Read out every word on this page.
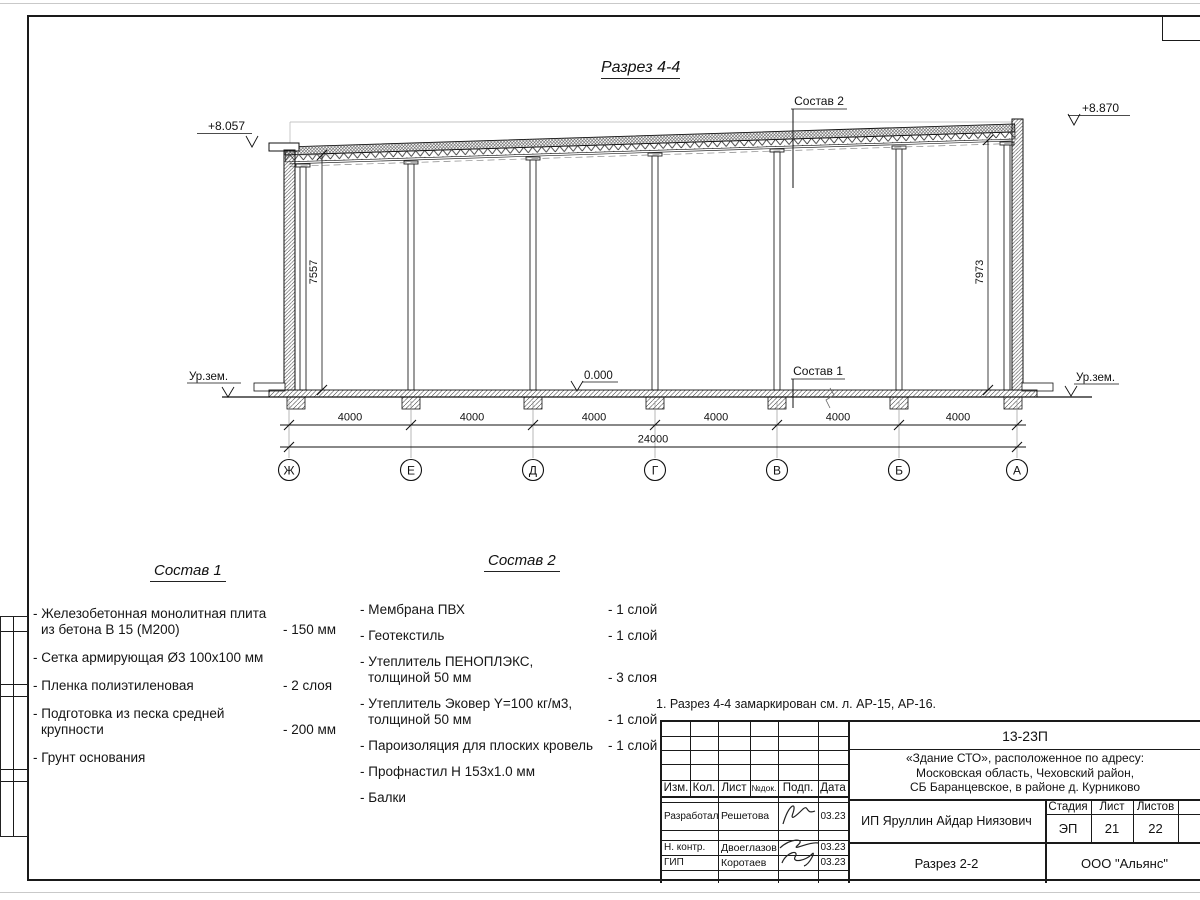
Разрез 4-4
7557	7973
4000	4000	4000	4000	4000	4000
24000
Ж	Е	Д	Г	В	Б	А
+8.057
+8.870
0.000
Ур.зем.	Ур.зем.
Состав 2
Состав 1
Состав 1
Состав 2
- Железобетонная монолитная плита
из бетона В 15 (М200)	- 150 мм
- Сетка армирующая Ø3 100х100 мм
- Пленка полиэтиленовая	- 2 слоя
- Подготовка из песка средней
крупности	- 200 мм
- Грунт основания
- Мембрана ПВХ	- 1 слой
- Геотекстиль	- 1 слой
- Утеплитель ПЕНОПЛЭКС,
толщиной 50 мм	- 3 слоя
- Утеплитель Эковер Y=100 кг/м3,
толщиной 50 мм	- 1 слой
- Пароизоляция для плоских кровель	- 1 слой
- Профнастил Н 153х1.0 мм
- Балки
1. Разрез 4-4 замаркирован см. л. АР-15, АР-16.
Изм. Кол. Лист №док. Подп. Дата
Разработал Решетова	03.23
Н. контр.	Двоеглазов	03.23
ГИП	Коротаев	03.23
13-23П
«Здание СТО», расположенное по адресу:
Московская область, Чеховский район,
СБ Баранцевское, в районе д. Курниково
ИП Яруллин Айдар Ниязович
Стадия	Лист	Листов
ЭП	21	22
Разрез 2-2	ООО "Альянс"
